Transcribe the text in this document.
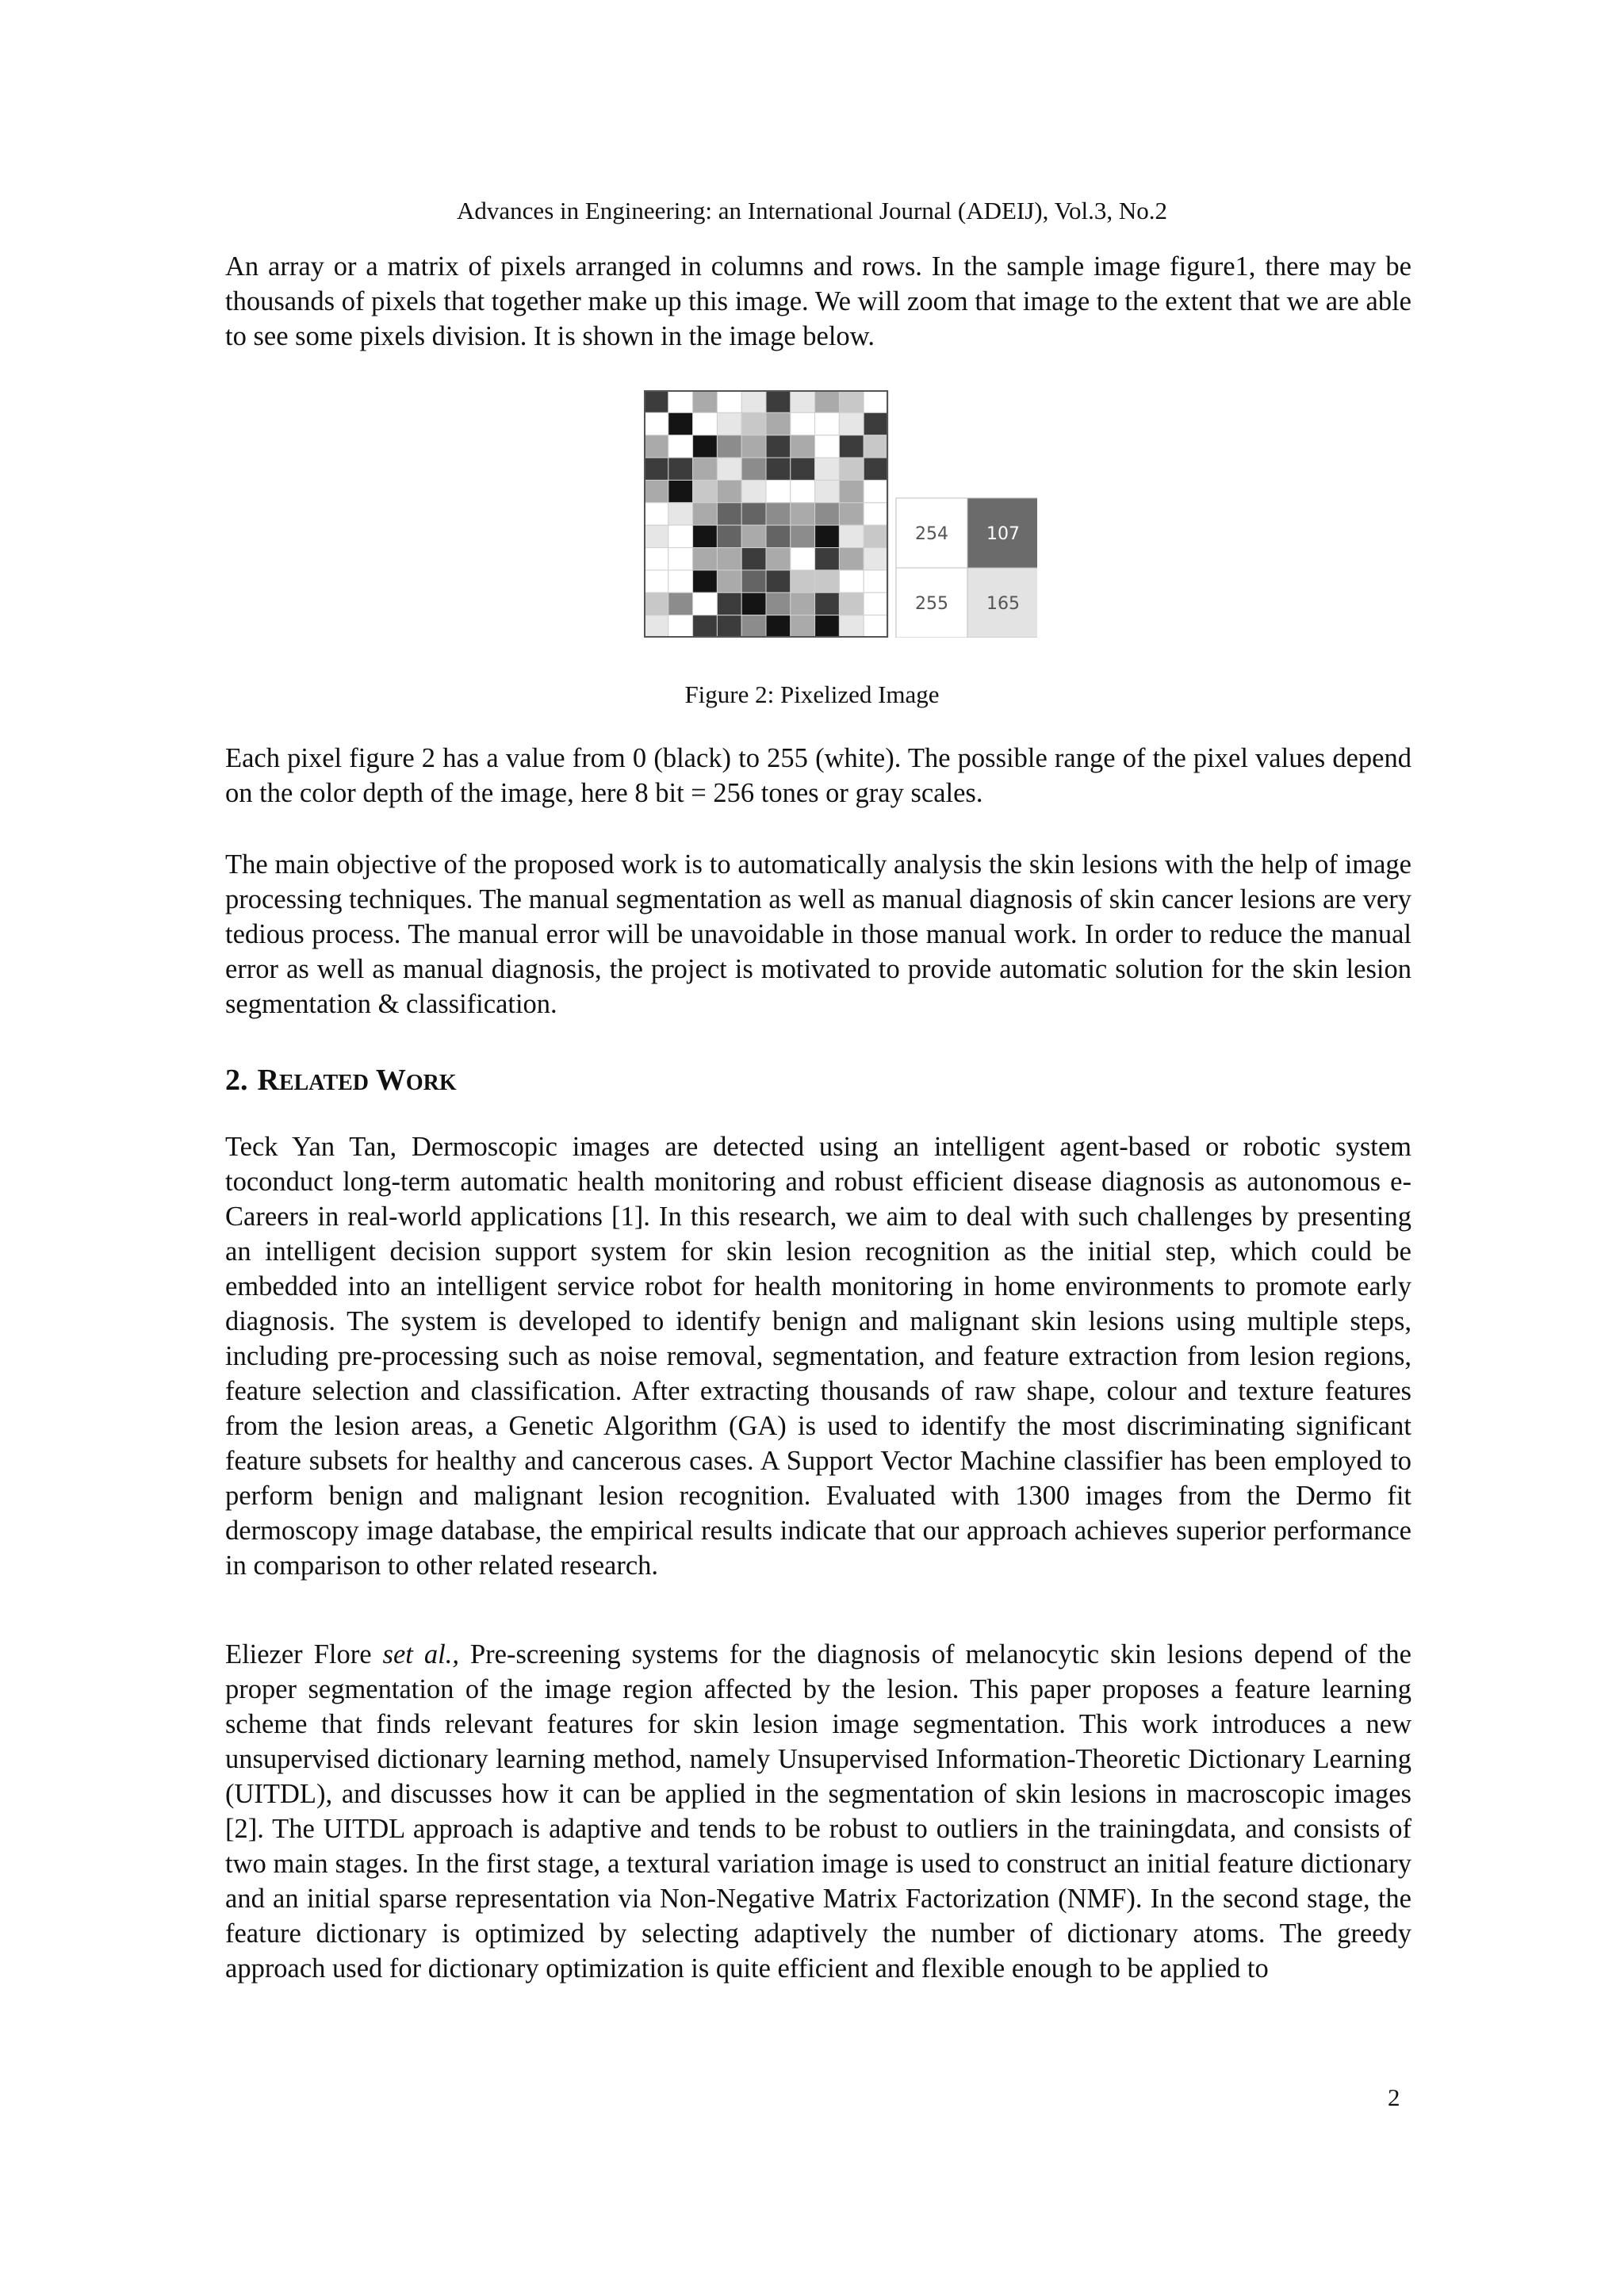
Advances in Engineering: an International Journal (ADEIJ), Vol.3, No.2

An array or a matrix of pixels arranged in columns and rows. In the sample image figure1, there may be thousands of pixels that together make up this image. We will zoom that image to the extent that we are able to see some pixels division. It is shown in the image below.

254 107
255 165
Figure 2: Pixelized Image

Each pixel figure 2 has a value from 0 (black) to 255 (white). The possible range of the pixel values depend on the color depth of the image, here 8 bit = 256 tones or gray scales.

The main objective of the proposed work is to automatically analysis the skin lesions with the help of image processing techniques. The manual segmentation as well as manual diagnosis of skin cancer lesions are very tedious process. The manual error will be unavoidable in those manual work. In order to reduce the manual error as well as manual diagnosis, the project is motivated to provide automatic solution for the skin lesion segmentation & classification.

2. RELATED WORK

Teck Yan Tan, Dermoscopic images are detected using an intelligent agent-based or robotic system toconduct long-term automatic health monitoring and robust efficient disease diagnosis as autonomous e- Careers in real-world applications [1]. In this research, we aim to deal with such challenges by presenting an intelligent decision support system for skin lesion recognition as the initial step, which could be embedded into an intelligent service robot for health monitoring in home environments to promote early diagnosis. The system is developed to identify benign and malignant skin lesions using multiple steps, including pre-processing such as noise removal, segmentation, and feature extraction from lesion regions, feature selection and classification. After extracting thousands of raw shape, colour and texture features from the lesion areas, a Genetic Algorithm (GA) is used to identify the most discriminating significant feature subsets for healthy and cancerous cases. A Support Vector Machine classifier has been employed to perform benign and malignant lesion recognition. Evaluated with 1300 images from the Dermo fit dermoscopy image database, the empirical results indicate that our approach achieves superior performance in comparison to other related research.

Eliezer Flore set al., Pre-screening systems for the diagnosis of melanocytic skin lesions depend of the proper segmentation of the image region affected by the lesion. This paper proposes a feature learning scheme that finds relevant features for skin lesion image segmentation. This work introduces a new unsupervised dictionary learning method, namely Unsupervised Information-Theoretic Dictionary Learning (UITDL), and discusses how it can be applied in the segmentation of skin lesions in macroscopic images [2]. The UITDL approach is adaptive and tends to be robust to outliers in the trainingdata, and consists of two main stages. In the first stage, a textural variation image is used to construct an initial feature dictionary and an initial sparse representation via Non-Negative Matrix Factorization (NMF). In the second stage, the feature dictionary is optimized by selecting adaptively the number of dictionary atoms. The greedy approach used for dictionary optimization is quite efficient and flexible enough to be applied to

2
